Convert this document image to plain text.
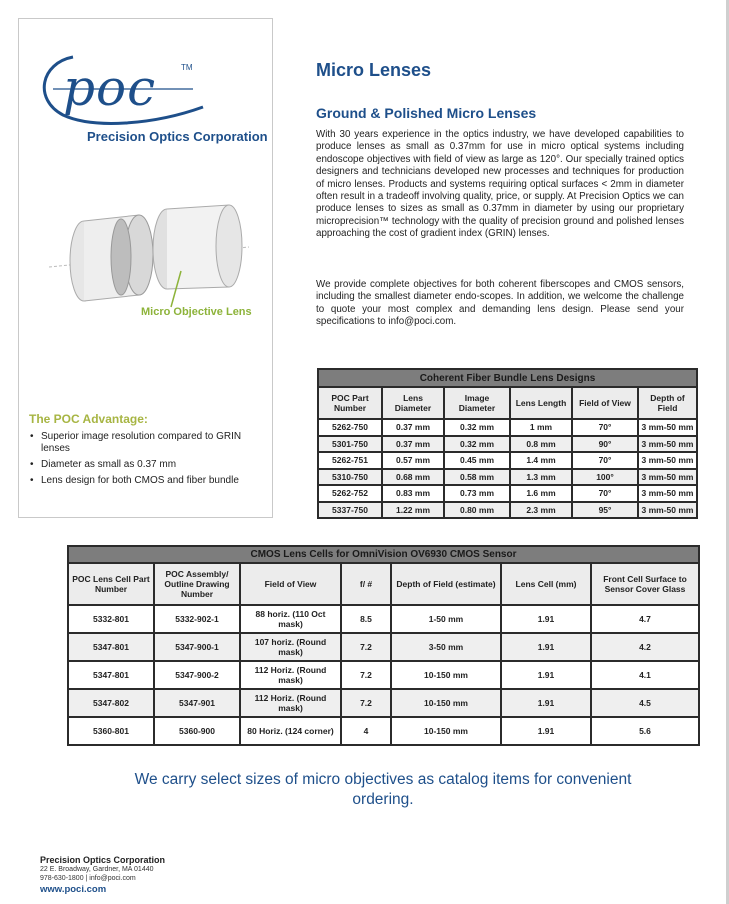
poc	TM
Precision Optics Corporation
Micro Objective Lens
The POC Advantage:
• Superior image resolution compared to GRIN lenses
• Diameter as small as 0.37 mm
• Lens design for both CMOS and fiber bundle
Micro Lenses
Ground & Polished Micro Lenses

With 30 years experience in the optics industry, we have developed capabilities to produce lenses as small as 0.37mm for use in micro optical systems including endoscope objectives with field of view as large as 120°. Our specially trained optics designers and technicians developed new processes and techniques for production of micro lenses. Products and systems requiring optical surfaces < 2mm in diameter often result in a tradeoff involving quality, price, or supply. At Precision Optics we can produce lenses to sizes as small as 0.37mm in diameter by using our proprietary microprecision™ technology with the quality of precision ground and polished lenses approaching the cost of gradient index (GRIN) lenses.

We provide complete objectives for both coherent fiberscopes and CMOS sensors, including the smallest diameter endo-scopes. In addition, we welcome the challenge to quote your most complex and demanding lens design. Please send your specifications to info@poci.com.

Coherent Fiber Bundle Lens Designs					
POC Part Number	Lens Diameter	Image Diameter	Lens Length	Field of View	Depth of Field
5262-750	0.37 mm	0.32 mm	1 mm	70°	3 mm-50 mm
5301-750	0.37 mm	0.32 mm	0.8 mm	90°	3 mm-50 mm
5262-751	0.57 mm	0.45 mm	1.4 mm	70°	3 mm-50 mm
5310-750	0.68 mm	0.58 mm	1.3 mm	100°	3 mm-50 mm
5262-752	0.83 mm	0.73 mm	1.6 mm	70°	3 mm-50 mm
5337-750	1.22 mm	0.80 mm	2.3 mm	95°	3 mm-50 mm
CMOS Lens Cells for OmniVision OV6930 CMOS Sensor						
POC Lens Cell Part Number	POC Assembly/ Outline Drawing Number	Field of View	f/ #	Depth of Field (estimate)	Lens Cell (mm)	Front Cell Surface to Sensor Cover Glass
5332-801	5332-902-1	88 horiz. (110 Oct mask)	8.5	1-50 mm	1.91	4.7
5347-801	5347-900-1	107 horiz. (Round mask)	7.2	3-50 mm	1.91	4.2
5347-801	5347-900-2	112 Horiz. (Round mask)	7.2	10-150 mm	1.91	4.1
5347-802	5347-901	112 Horiz. (Round mask)	7.2	10-150 mm	1.91	4.5
5360-801	5360-900	80 Horiz. (124 corner)	4	10-150 mm	1.91	5.6
We carry select sizes of micro objectives as catalog items for convenient ordering.
Precision Optics Corporation
22 E. Broadway, Gardner, MA 01440
978-630-1800 | info@poci.com
www.poci.com
